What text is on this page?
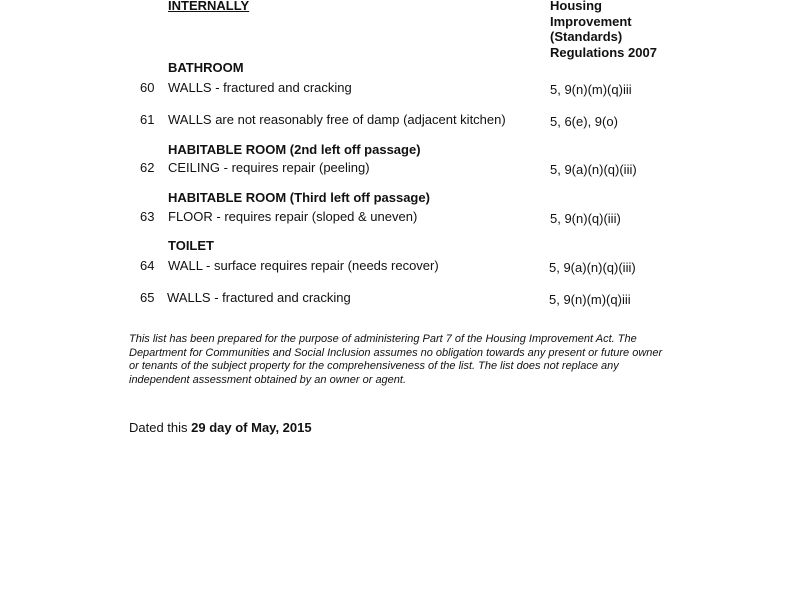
INTERNALLY	Housing
Improvement
(Standards)
Regulations 2007
BATHROOM
60 WALLS - fractured and cracking	5, 9(n)(m)(q)iii
61 WALLS are not reasonably free of damp (adjacent kitchen)	5, 6(e), 9(o)
HABITABLE ROOM (2nd left off passage)
62 CEILING - requires repair (peeling)	5, 9(a)(n)(q)(iii)
HABITABLE ROOM (Third left off passage)
63 FLOOR - requires repair (sloped & uneven)	5, 9(n)(q)(iii)
TOILET
64 WALL - surface requires repair (needs recover)	5, 9(a)(n)(q)(iii)
65 WALLS - fractured and cracking	5, 9(n)(m)(q)iii
This list has been prepared for the purpose of administering Part 7 of the Housing Improvement Act. The Department for Communities and Social Inclusion assumes no obligation towards any present or future owner or tenants of the subject property for the comprehensiveness of the list. The list does not replace any independent assessment obtained by an owner or agent.
Dated this 29 day of May, 2015
